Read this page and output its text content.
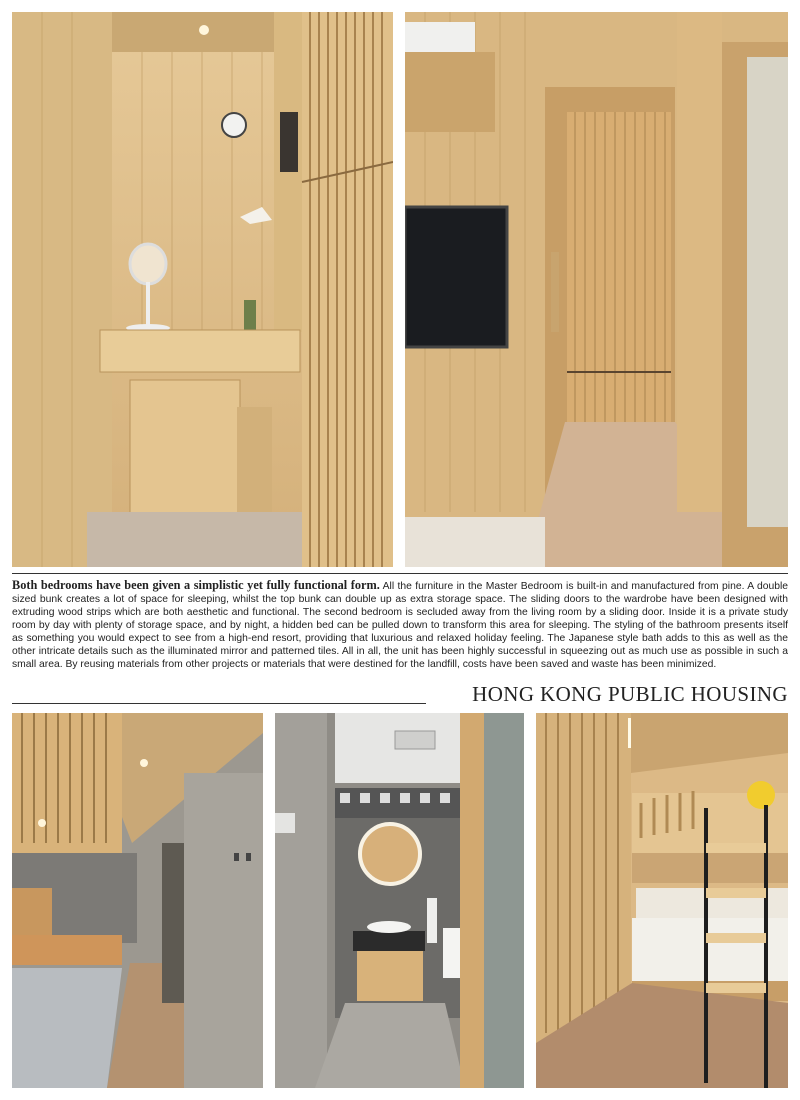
Both bedrooms have been given a simplistic yet fully functional form. All the furniture in the Master Bedroom is built-in and manufactured from pine. A double sized bunk creates a lot of space for sleeping, whilst the top bunk can double up as extra storage space. The sliding doors to the wardrobe have been designed with extruding wood strips which are both aesthetic and functional. The second bedroom is secluded away from the living room by a sliding door. Inside it is a private study room by day with plenty of storage space, and by night, a hidden bed can be pulled down to transform this area for sleeping. The styling of the bathroom presents itself as something you would expect to see from a high-end resort, providing that luxurious and relaxed holiday feeling. The Japanese style bath adds to this as well as the other intricate details such as the illuminated mirror and patterned tiles. All in all, the unit has been highly successful in squeezing out as much use as possible in such a small area. By reusing materials from other projects or materials that were destined for the landfill, costs have been saved and waste has been minimized.

HONG KONG PUBLIC HOUSING
